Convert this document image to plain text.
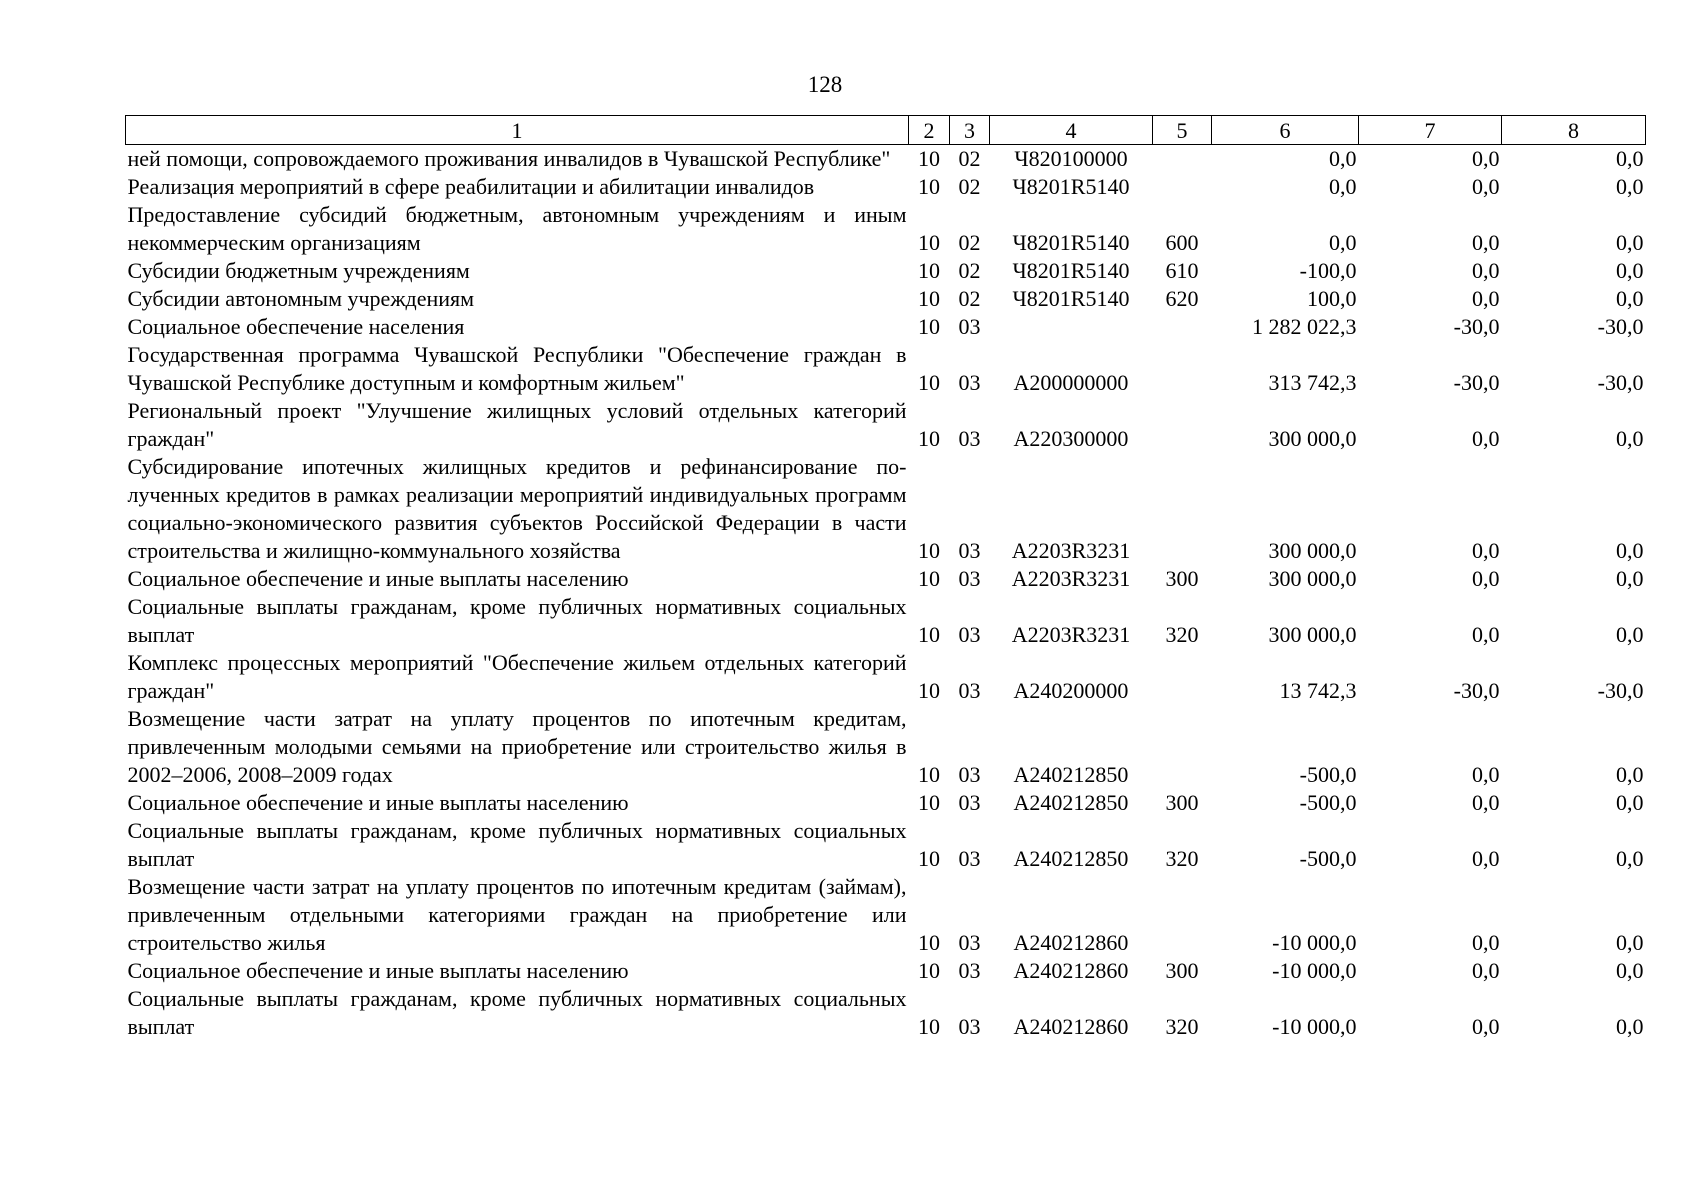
128
1	2	3	4	5	6	7	8
ней помощи, сопровождаемого проживания инвалидов в Чувашской Республике"	10	02	Ч820100000		0,0	0,0	0,0
Реализация мероприятий в сфере реабилитации и абилитации инвалидов	10	02	Ч8201R5140		0,0	0,0	0,0
Предоставление субсидий бюджетным, автономным учреждениям и иным некоммерческим организациям	10	02	Ч8201R5140	600	0,0	0,0	0,0
Субсидии бюджетным учреждениям	10	02	Ч8201R5140	610	-100,0	0,0	0,0
Субсидии автономным учреждениям	10	02	Ч8201R5140	620	100,0	0,0	0,0
Социальное обеспечение населения	10	03			1 282 022,3	-30,0	-30,0
Государственная программа Чувашской Республики "Обеспечение граждан в Чувашской Республике доступным и комфортным жильем"	10	03	А200000000		313 742,3	-30,0	-30,0
Региональный проект "Улучшение жилищных условий отдельных категорий граждан"	10	03	А220300000		300 000,0	0,0	0,0
Субсидирование ипотечных жилищных кредитов и рефинансирование полученных кредитов в рамках реализации мероприятий индивидуальных программ социально-экономического развития субъектов Российской Федерации в части строительства и жилищно-коммунального хозяйства	10	03	А2203R3231		300 000,0	0,0	0,0
Социальное обеспечение и иные выплаты населению	10	03	А2203R3231	300	300 000,0	0,0	0,0
Социальные выплаты гражданам, кроме публичных нормативных социальных выплат	10	03	А2203R3231	320	300 000,0	0,0	0,0
Комплекс процессных мероприятий "Обеспечение жильем отдельных категорий граждан"	10	03	А240200000		13 742,3	-30,0	-30,0
Возмещение части затрат на уплату процентов по ипотечным кредитам, привлеченным молодыми семьями на приобретение или строительство жилья в 2002–2006, 2008–2009 годах	10	03	А240212850		-500,0	0,0	0,0
Социальное обеспечение и иные выплаты населению	10	03	А240212850	300	-500,0	0,0	0,0
Социальные выплаты гражданам, кроме публичных нормативных социальных выплат	10	03	А240212850	320	-500,0	0,0	0,0
Возмещение части затрат на уплату процентов по ипотечным кредитам (займам), привлеченным отдельными категориями граждан на приобретение или строительство жилья	10	03	А240212860		-10 000,0	0,0	0,0
Социальное обеспечение и иные выплаты населению	10	03	А240212860	300	-10 000,0	0,0	0,0
Социальные выплаты гражданам, кроме публичных нормативных социальных выплат	10	03	А240212860	320	-10 000,0	0,0	0,0
